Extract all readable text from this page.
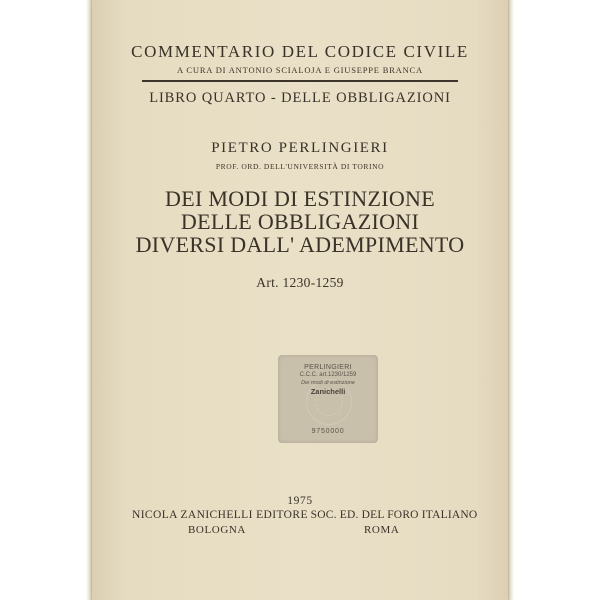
COMMENTARIO DEL CODICE CIVILE
A CURA DI ANTONIO SCIALOJA E GIUSEPPE BRANCA
LIBRO QUARTO - DELLE OBBLIGAZIONI
PIETRO PERLINGIERI
PROF. ORD. DELL'UNIVERSITÀ DI TORINO
DEI MODI DI ESTINZIONE
DELLE OBBLIGAZIONI
DIVERSI DALL' ADEMPIMENTO
Art. 1230-1259
PERLINGIERI
C.C.C. art.1230/1259
Dei modi di estinzione
Zanichelli
9750000
1975
NICOLA ZANICHELLI EDITORE SOC. ED. DEL FORO ITALIANO
BOLOGNA	ROMA
